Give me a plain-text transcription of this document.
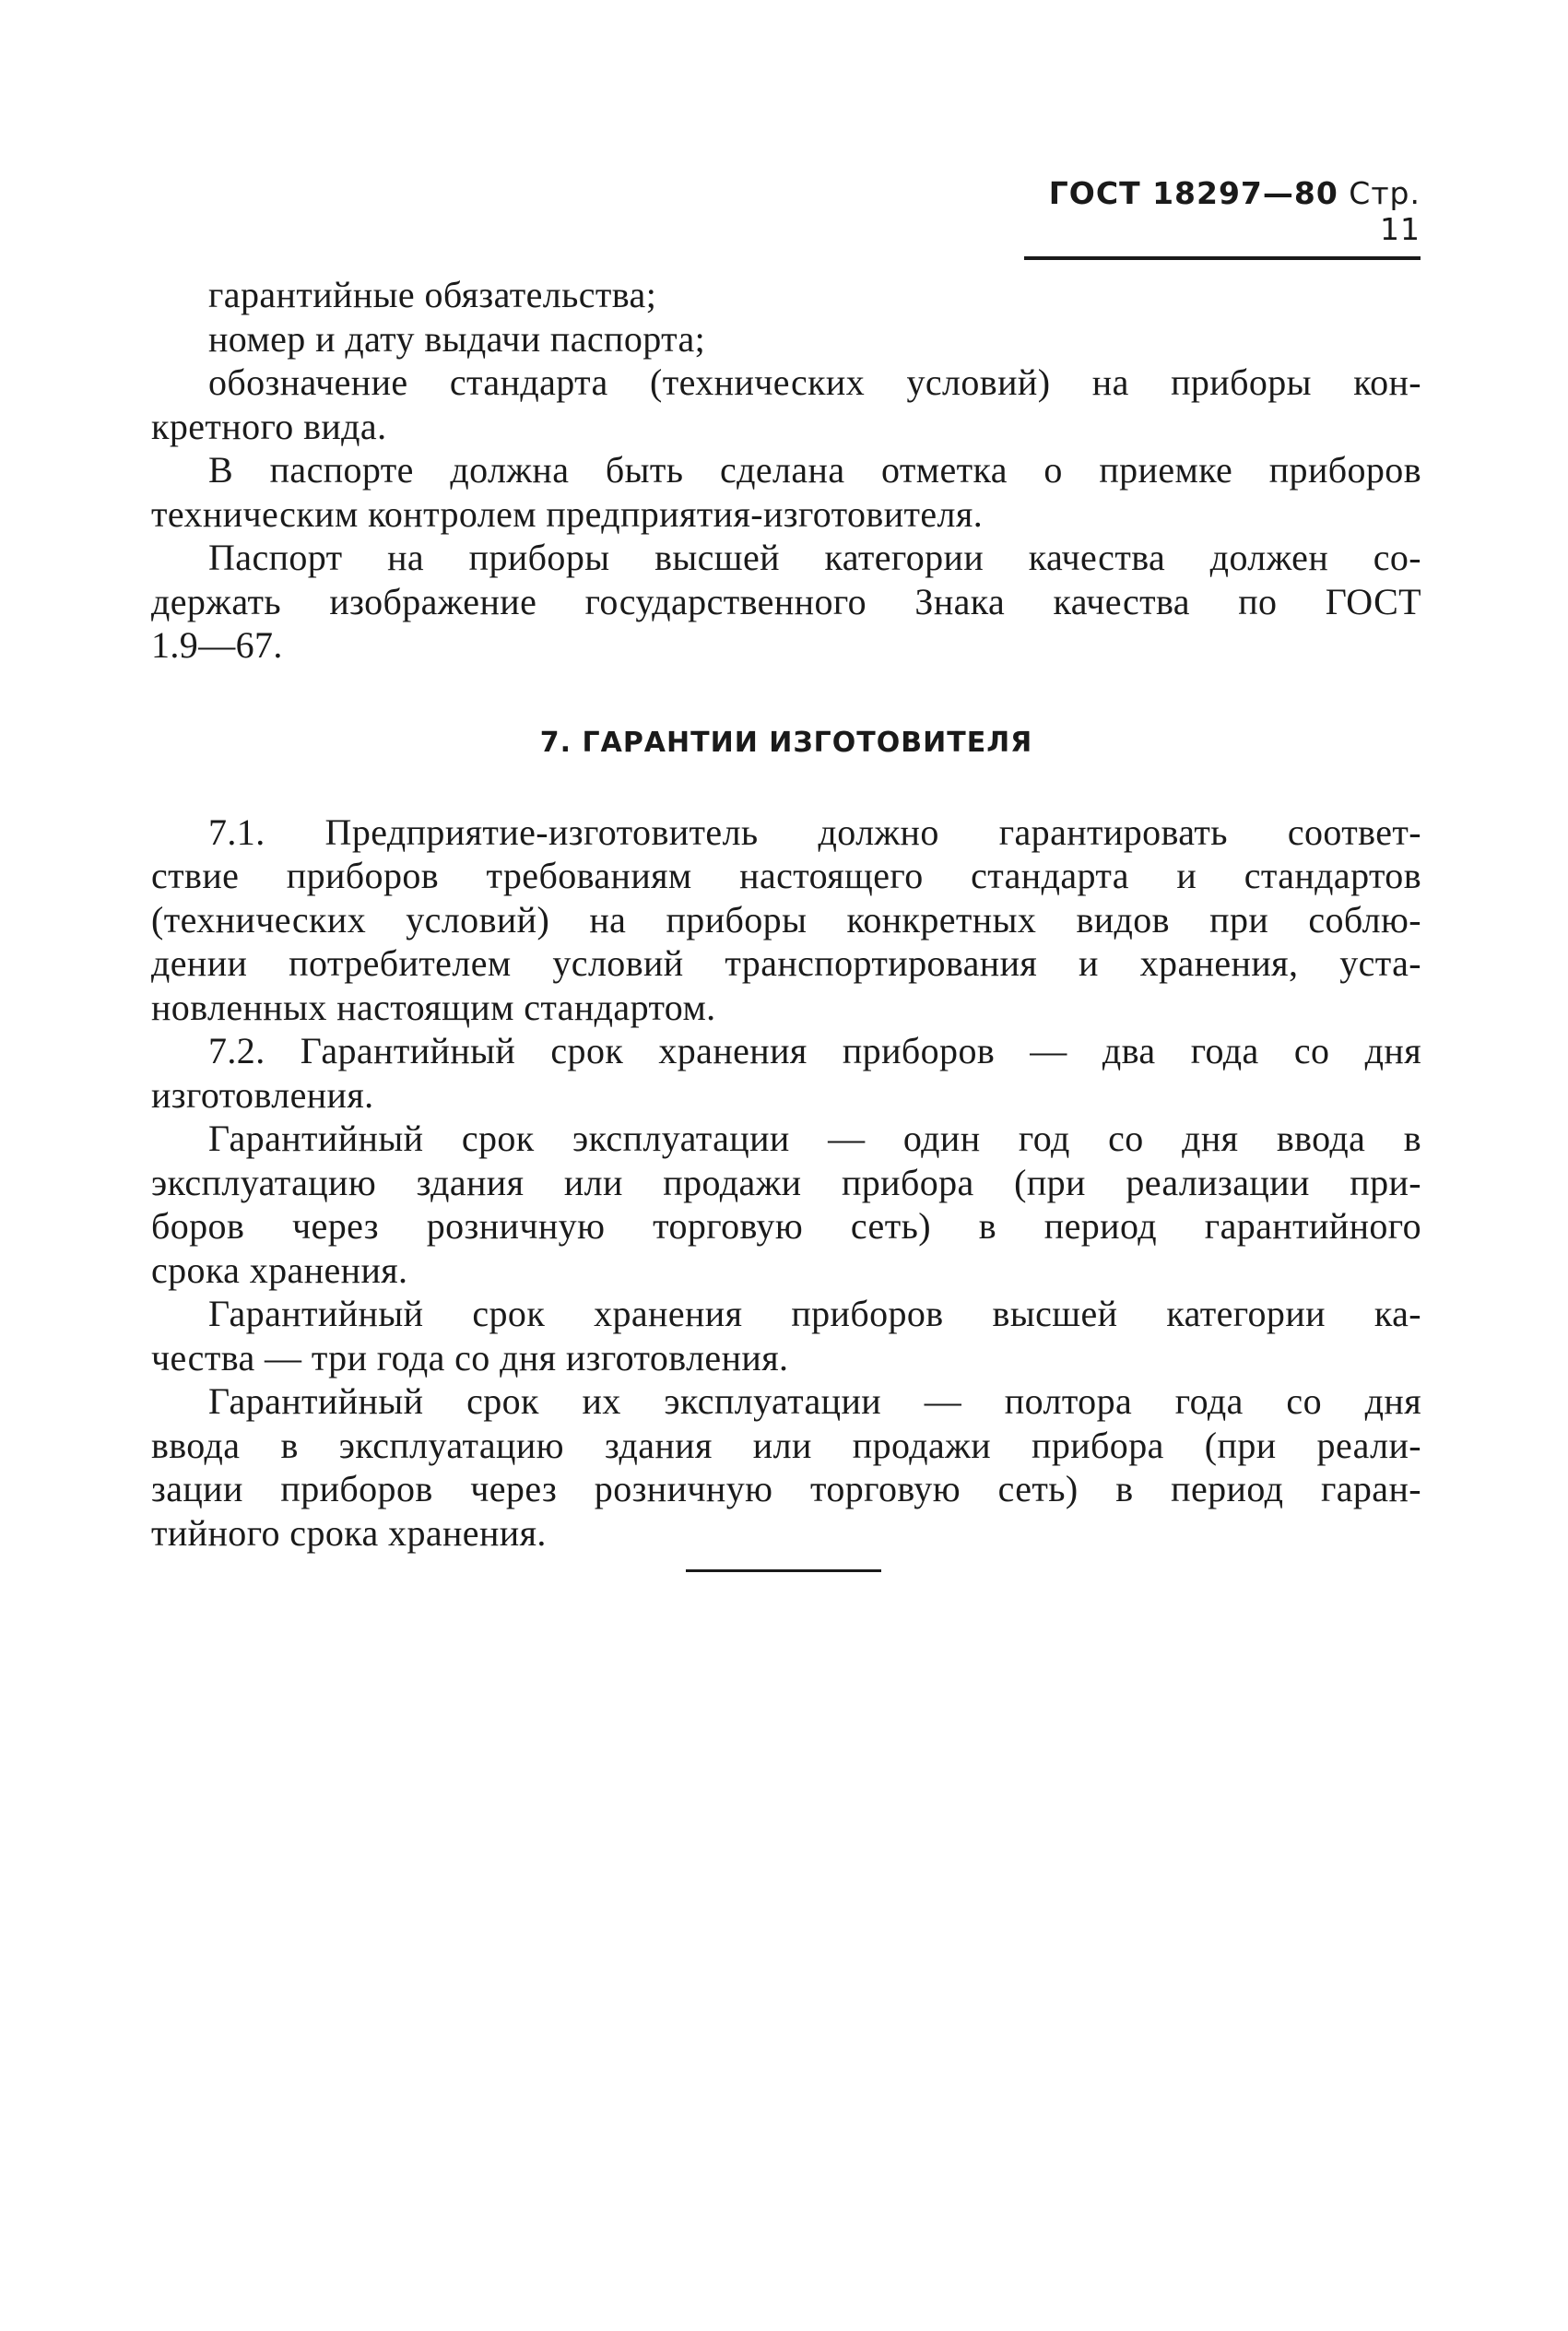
ГОСТ 18297—80 Стр. 11
гарантийные обязательства;
номер и дату выдачи паспорта;
обозначение стандарта (технических условий) на приборы кон-
кретного вида.
В паспорте должна быть сделана отметка о приемке приборов
техническим контролем предприятия-изготовителя.
Паспорт на приборы высшей категории качества должен со-
держать изображение государственного Знака качества по ГОСТ
1.9—67.
7. ГАРАНТИИ ИЗГОТОВИТЕЛЯ
7.1. Предприятие-изготовитель должно гарантировать соответ-
ствие приборов требованиям настоящего стандарта и стандартов
(технических условий) на приборы конкретных видов при соблю-
дении потребителем условий транспортирования и хранения, уста-
новленных настоящим стандартом.
7.2. Гарантийный срок хранения приборов — два года со дня
изготовления.
Гарантийный срок эксплуатации — один год со дня ввода в
эксплуатацию здания или продажи прибора (при реализации при-
боров через розничную торговую сеть) в период гарантийного
срока хранения.
Гарантийный срок хранения приборов высшей категории ка-
чества — три года со дня изготовления.
Гарантийный срок их эксплуатации — полтора года со дня
ввода в эксплуатацию здания или продажи прибора (при реали-
зации приборов через розничную торговую сеть) в период гаран-
тийного срока хранения.
